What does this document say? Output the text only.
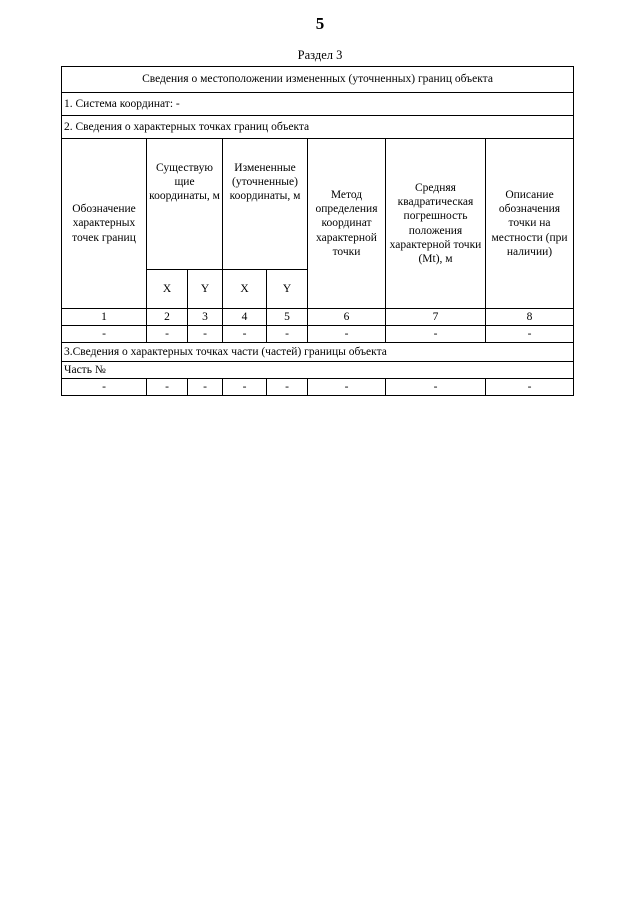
5
Раздел 3
Сведения о местоположении измененных (уточненных) границ объекта							
1. Система координат: -							
2. Сведения о характерных точках границ объекта							
Обозначение характерных точек границ	Существую щие координаты, м		Измененные (уточненные) координаты, м		Метод определения координат характерной точки	Средняя квадратическая погрешность положения характерной точки (Mt), м	Описание обозначения точки на местности (при наличии)
	X	Y	X	Y			
1	2	3	4	5	6	7	8
-	-	-	-	-	-	-	-
3.Сведения о характерных точках части (частей) границы объекта							
Часть №							
-	-	-	-	-	-	-	-
